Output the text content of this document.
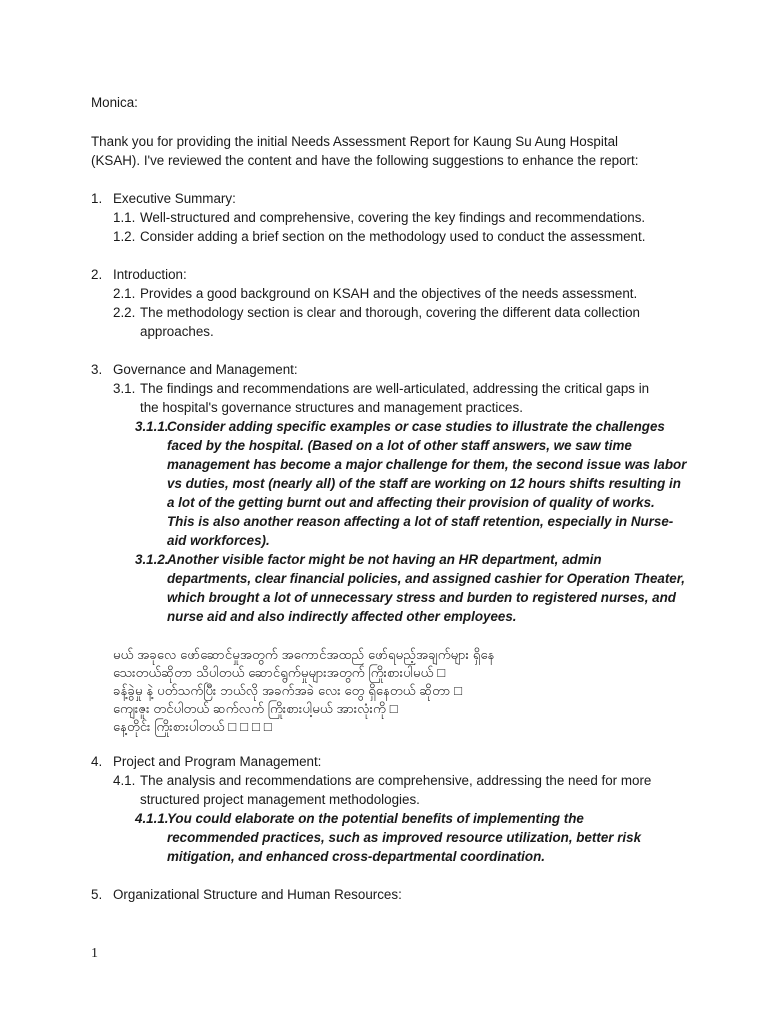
Monica:
Thank you for providing the initial Needs Assessment Report for Kaung Su Aung Hospital
(KSAH). I've reviewed the content and have the following suggestions to enhance the report:
1. Executive Summary:
1.1. Well-structured and comprehensive, covering the key findings and recommendations.
1.2. Consider adding a brief section on the methodology used to conduct the assessment.
2. Introduction:
2.1. Provides a good background on KSAH and the objectives of the needs assessment.
2.2. The methodology section is clear and thorough, covering the different data collection
approaches.
3. Governance and Management:
3.1. The findings and recommendations are well-articulated, addressing the critical gaps in
the hospital's governance structures and management practices.
3.1.1.
Consider adding specific examples or case studies to illustrate the challenges
faced by the hospital. (Based on a lot of other staff answers, we saw time
management has become a major challenge for them, the second issue was labor
vs duties, most (nearly all) of the staff are working on 12 hours shifts resulting in
a lot of the getting burnt out and affecting their provision of quality of works.
This is also another reason affecting a lot of staff retention, especially in Nurse-
aid workforces).
3.1.2.
Another visible factor might be not having an HR department, admin
departments, clear financial policies, and assigned cashier for Operation Theater,
which brought a lot of unnecessary stress and burden to registered nurses, and
nurse aid and also indirectly affected other employees.
မယ် အခုလေ ဖော်ဆောင်မှုအတွက် အကောင်အထည် ဖော်ရမည့်အချက်များ ရှိနေ
သေးတယ်ဆိုတာ သိပါတယ် ဆောင်ရွက်မှုများအတွက် ကြိုးစားပါမယ် □
ခန့်ခွဲမှု နဲ့ ပတ်သက်ပြီး ဘယ်လို အခက်အခဲ လေး တွေ ရှိနေတယ် ဆိုတာ □
ကျေးဇူး တင်ပါတယ် ဆက်လက် ကြိုးစားပါ့မယ် အားလုံးကို □
နေ့တိုင်း ကြိုးစားပါတယ် □ □ □ □
4. Project and Program Management:
4.1. The analysis and recommendations are comprehensive, addressing the need for more
structured project management methodologies.
4.1.1.
You could elaborate on the potential benefits of implementing the
recommended practices, such as improved resource utilization, better risk
mitigation, and enhanced cross-departmental coordination.
5. Organizational Structure and Human Resources:
1
